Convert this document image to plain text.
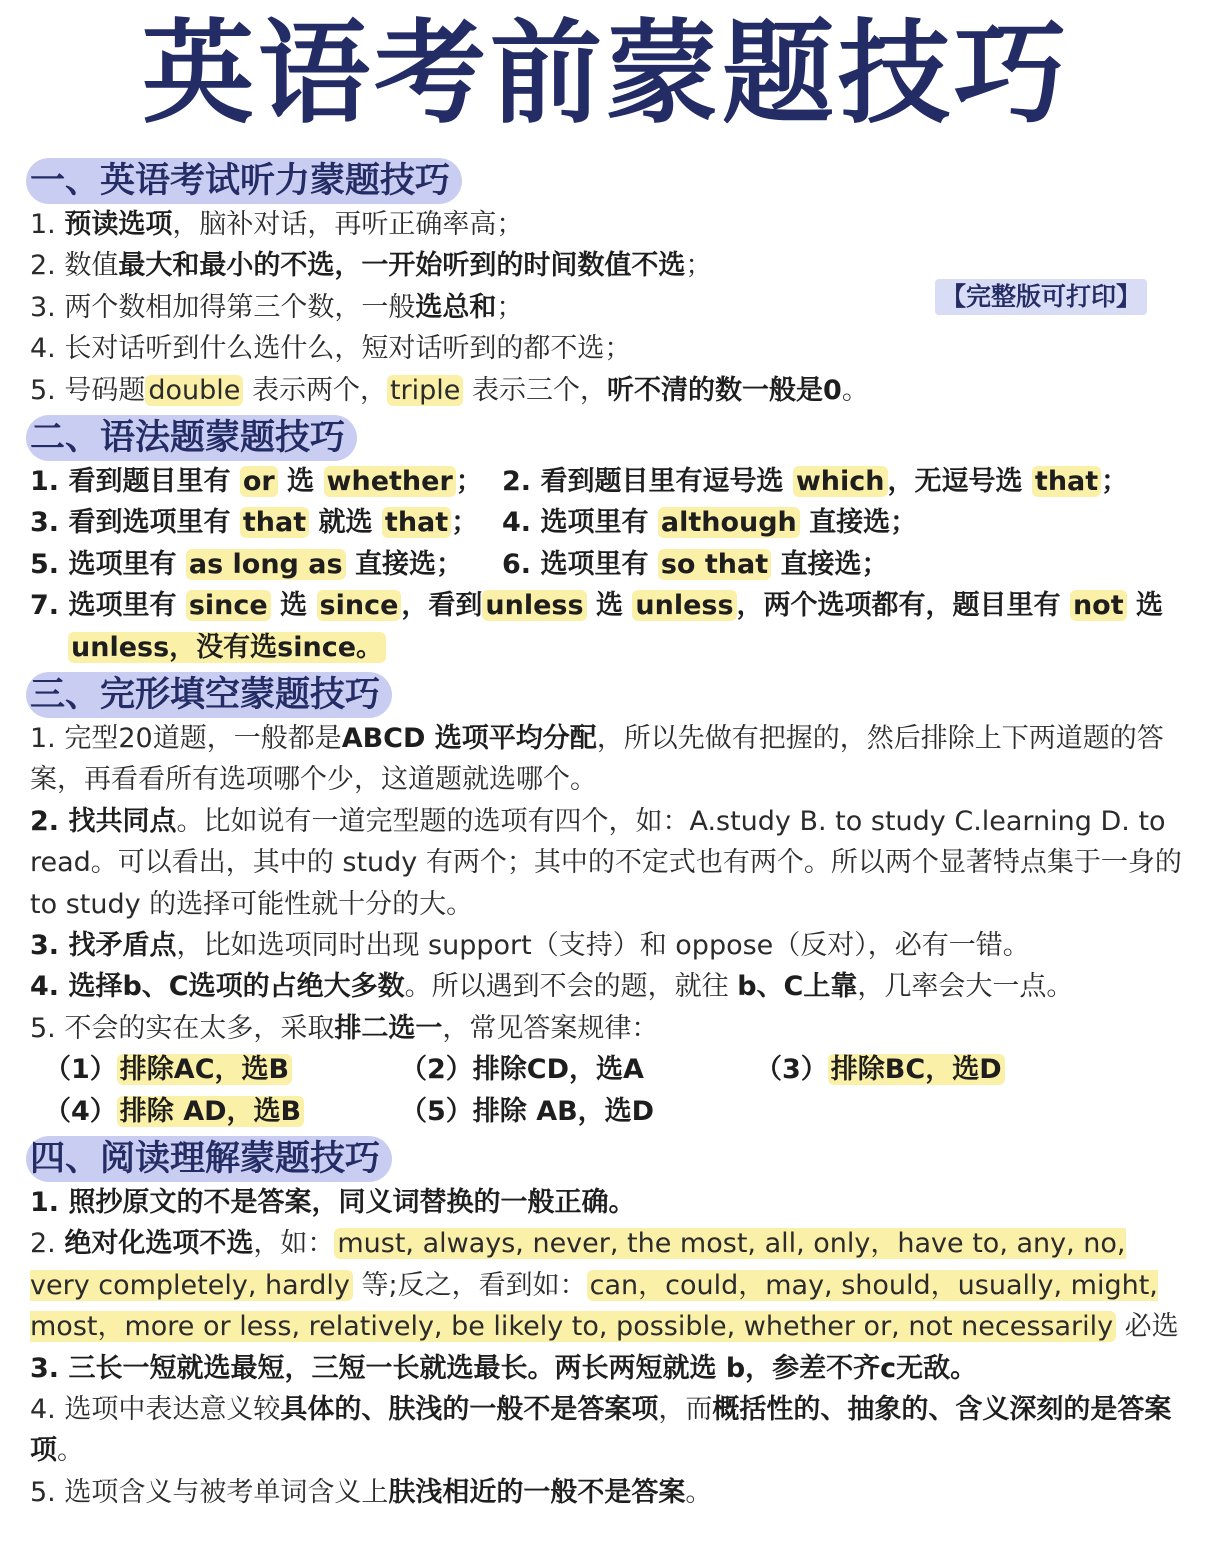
英语考前蒙题技巧
【完整版可打印】
一、英语考试听力蒙题技巧
1. 预读选项，脑补对话，再听正确率高；
2. 数值最大和最小的不选，一开始听到的时间数值不选；
3. 两个数相加得第三个数，一般选总和；
4. 长对话听到什么选什么，短对话听到的都不选；
5. 号码题 double 表示两个， triple 表示三个，听不清的数一般是0。
二、语法题蒙题技巧
1. 看到题目里有 or 选 whether ； 2. 看到题目里有逗号选 which ，无逗号选 that ；
3. 看到选项里有 that 就选 that ； 4. 选项里有 although 直接选；
5. 选项里有 as long as 直接选； 6. 选项里有 so that 直接选；
7. 选项里有 since 选 since ，看到 unless 选 unless ，两个选项都有，题目里有 not 选
unless，没有选since。
三、完形填空蒙题技巧
1. 完型20道题，一般都是ABCD 选项平均分配，所以先做有把握的，然后排除上下两道题的答案，再看看所有选项哪个少，这道题就选哪个。
2. 找共同点。比如说有一道完型题的选项有四个，如：A.study B. to study C.learning D. to read。可以看出，其中的 study 有两个；其中的不定式也有两个。所以两个显著特点集于一身的to study 的选择可能性就十分的大。
3. 找矛盾点，比如选项同时出现 support（支持）和 oppose（反对），必有一错。
4. 选择b、C选项的占绝大多数。所以遇到不会的题，就往 b、C上靠，几率会大一点。
5. 不会的实在太多，采取排二选一，常见答案规律：
（1） 排除AC，选B	（2）排除CD，选A	（3） 排除BC，选D
（4） 排除 AD，选B	（5）排除 AB，选D
四、阅读理解蒙题技巧
1. 照抄原文的不是答案，同义词替换的一般正确。
2. 绝对化选项不选，如： must, always, never, the most, all, only，have to, any, no, very completely, hardly 等;反之，看到如： can，could，may, should，usually, might, most，more or less, relatively, be likely to, possible, whether or, not necessarily 必选
3. 三长一短就选最短，三短一长就选最长。两长两短就选 b，参差不齐c无敌。
4. 选项中表达意义较具体的、肤浅的一般不是答案项，而概括性的、抽象的、含义深刻的是答案项。
5. 选项含义与被考单词含义上肤浅相近的一般不是答案。
